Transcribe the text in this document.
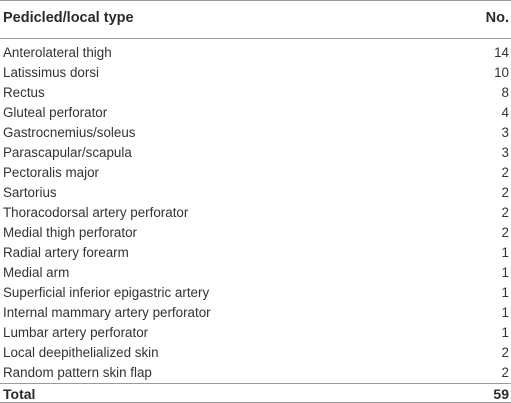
Pedicled/local type	No.
Anterolateral thigh	14
Latissimus dorsi	10
Rectus	8
Gluteal perforator	4
Gastrocnemius/soleus	3
Parascapular/scapula	3
Pectoralis major	2
Sartorius	2
Thoracodorsal artery perforator	2
Medial thigh perforator	2
Radial artery forearm	1
Medial arm	1
Superficial inferior epigastric artery	1
Internal mammary artery perforator	1
Lumbar artery perforator	1
Local deepithelialized skin	2
Random pattern skin flap	2
Total	59
